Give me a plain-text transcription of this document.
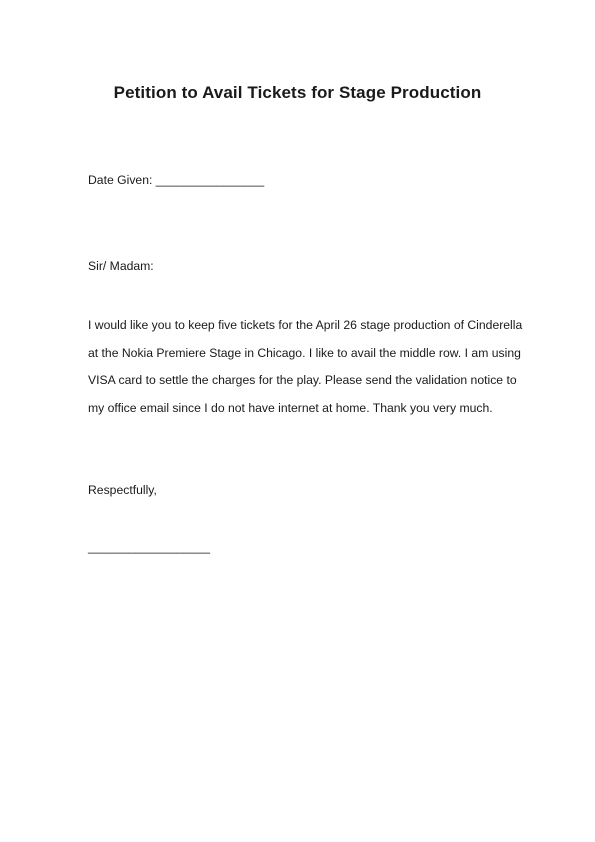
Petition to Avail Tickets for Stage Production

Date Given: ________________

Sir/ Madam:

I would like you to keep five tickets for the April 26 stage production of Cinderella
at the Nokia Premiere Stage in Chicago. I like to avail the middle row. I am using
VISA card to settle the charges for the play. Please send the validation notice to
my office email since I do not have internet at home. Thank you very much.

Respectfully,

__________________
